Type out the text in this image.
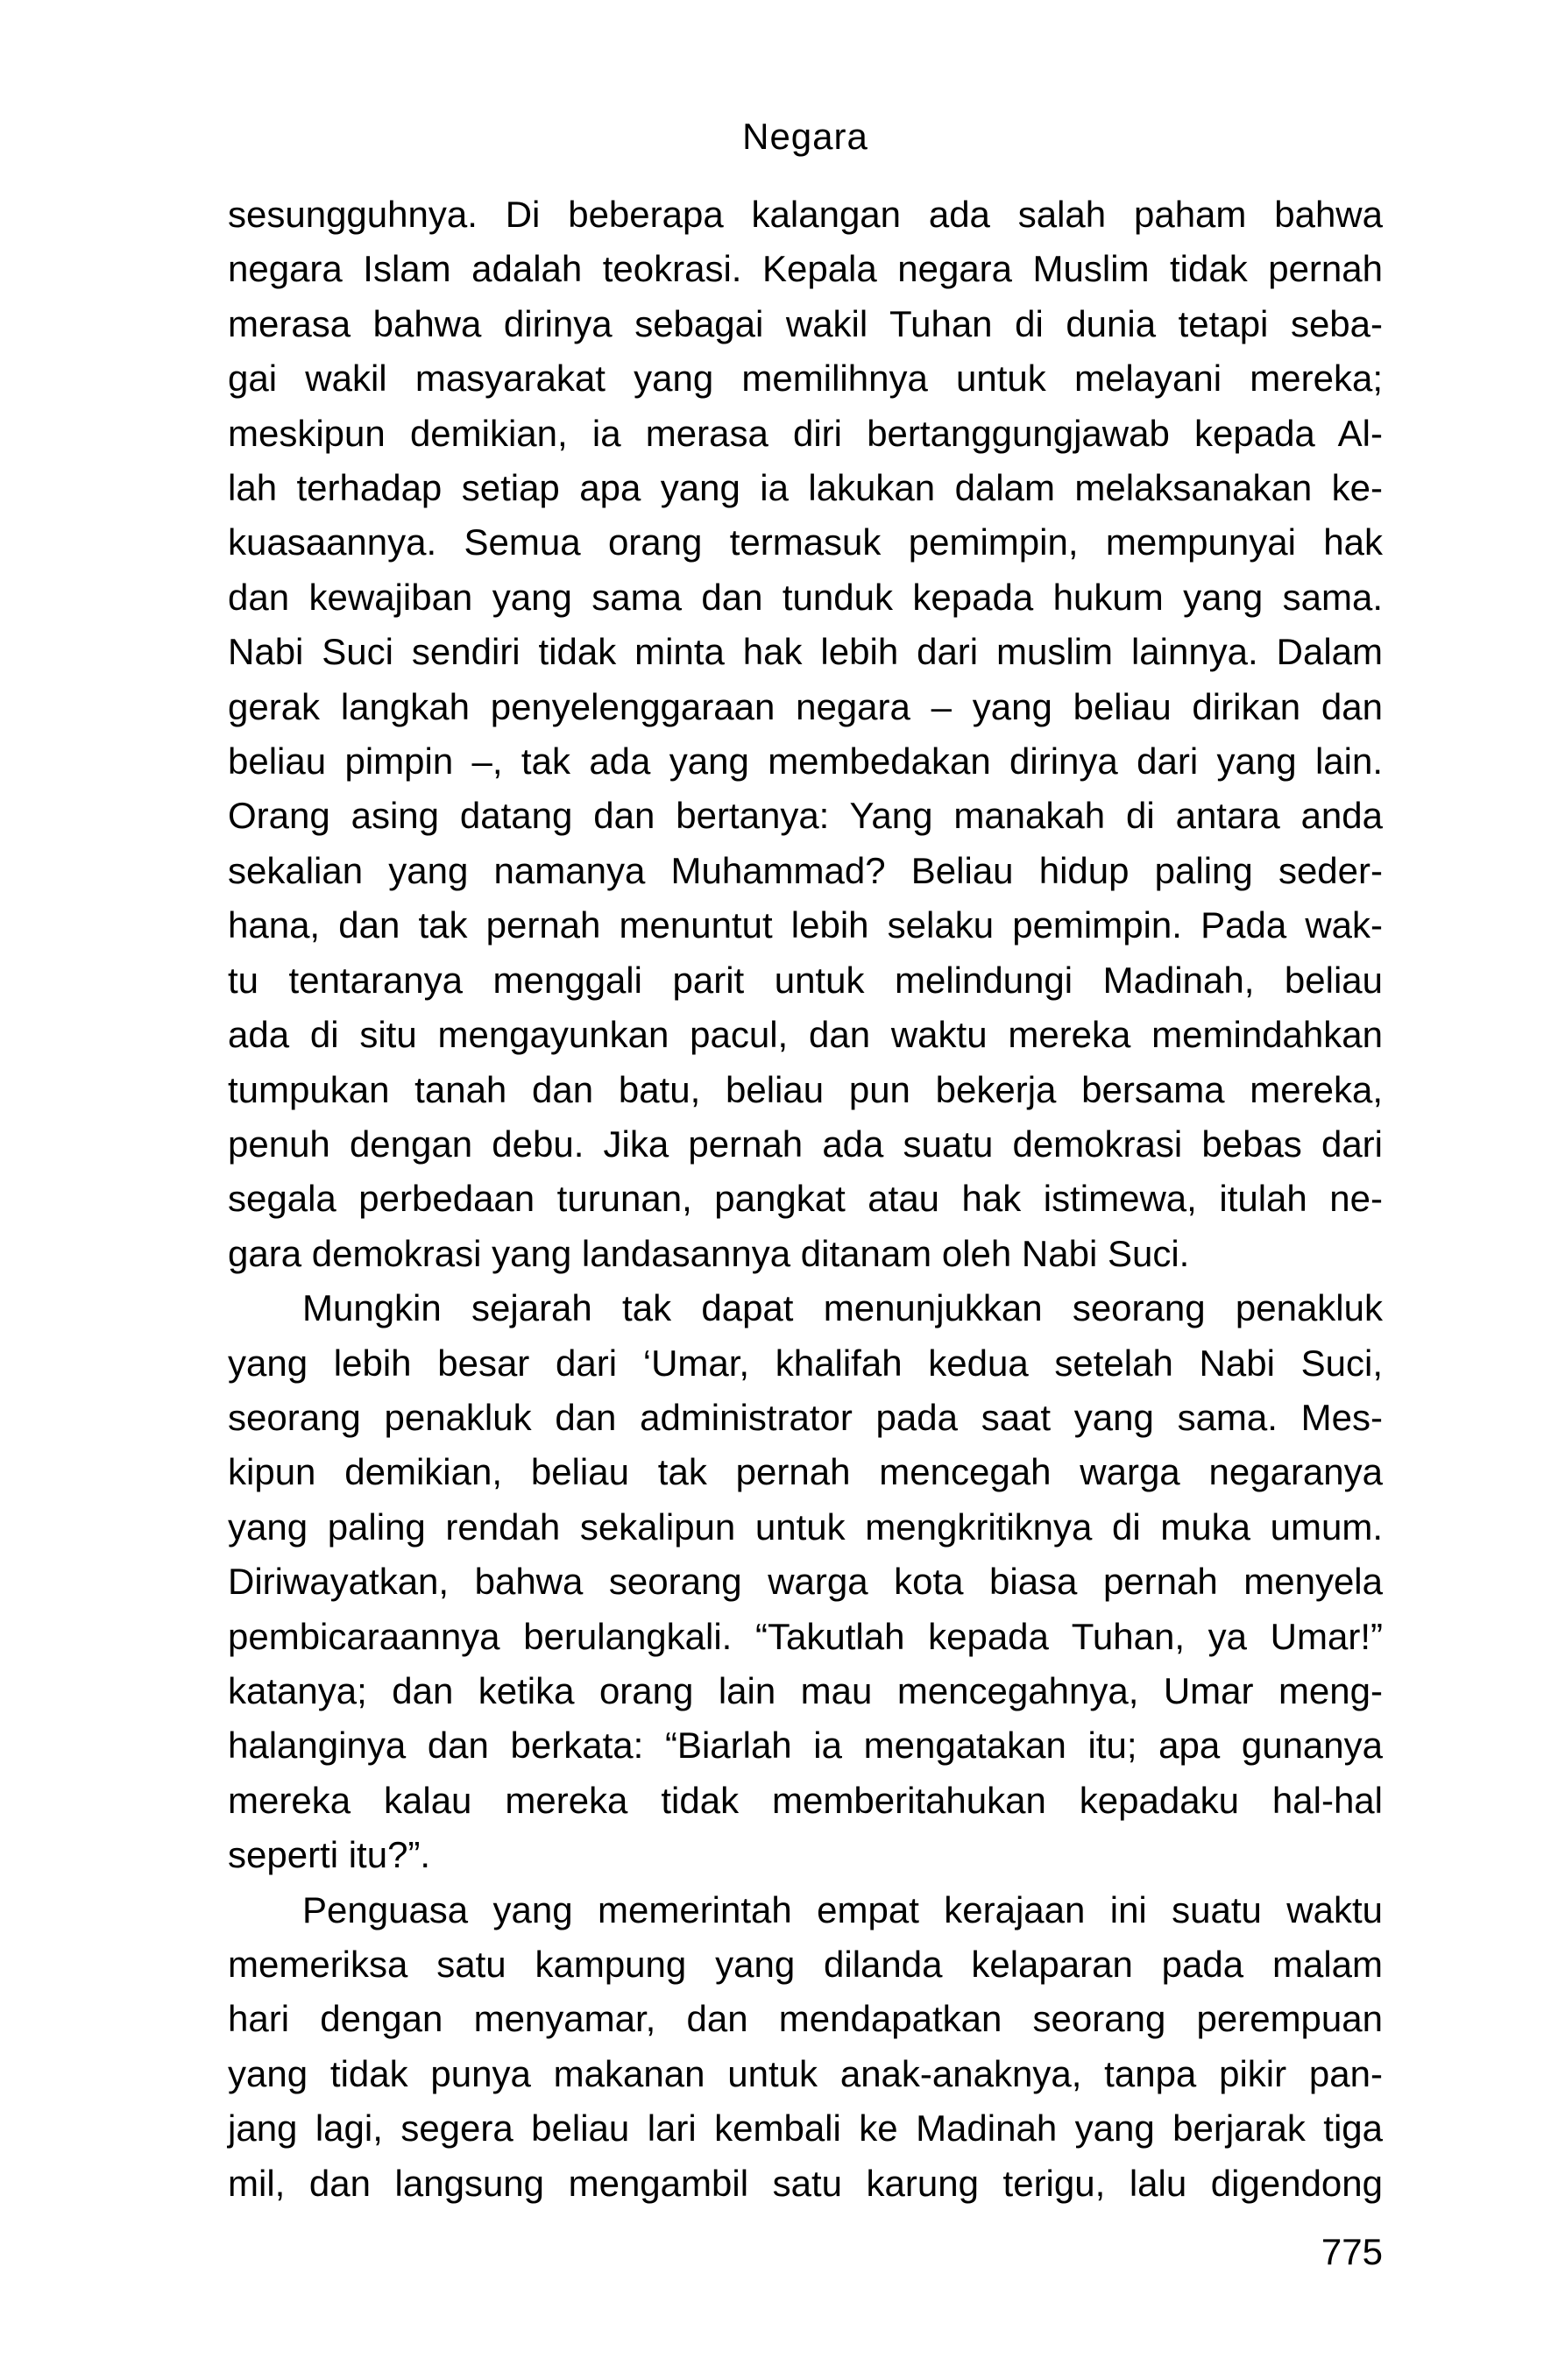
Negara
sesungguhnya. Di beberapa kalangan ada salah paham bahwa
negara Islam adalah teokrasi. Kepala negara Muslim tidak pernah
merasa bahwa dirinya sebagai wakil Tuhan di dunia tetapi seba-
gai wakil masyarakat yang memilihnya untuk melayani mereka;
meskipun demikian, ia merasa diri bertanggungjawab kepada Al-
lah terhadap setiap apa yang ia lakukan dalam melaksanakan ke-
kuasaannya. Semua orang termasuk pemimpin, mempunyai hak
dan kewajiban yang sama dan tunduk kepada hukum yang sama.
Nabi Suci sendiri tidak minta hak lebih dari muslim lainnya. Dalam
gerak langkah penyelenggaraan negara – yang beliau dirikan dan
beliau pimpin –, tak ada yang membedakan dirinya dari yang lain.
Orang asing datang dan bertanya: Yang manakah di antara anda
sekalian yang namanya Muhammad? Beliau hidup paling seder-
hana, dan tak pernah menuntut lebih selaku pemimpin. Pada wak-
tu tentaranya menggali parit untuk melindungi Madinah, beliau
ada di situ mengayunkan pacul, dan waktu mereka memindahkan
tumpukan tanah dan batu, beliau pun bekerja bersama mereka,
penuh dengan debu. Jika pernah ada suatu demokrasi bebas dari
segala perbedaan turunan, pangkat atau hak istimewa, itulah ne-
gara demokrasi yang landasannya ditanam oleh Nabi Suci.
Mungkin sejarah tak dapat menunjukkan seorang penakluk
yang lebih besar dari ‘Umar, khalifah kedua setelah Nabi Suci,
seorang penakluk dan administrator pada saat yang sama. Mes-
kipun demikian, beliau tak pernah mencegah warga negaranya
yang paling rendah sekalipun untuk mengkritiknya di muka umum.
Diriwayatkan, bahwa seorang warga kota biasa pernah menyela
pembicaraannya berulangkali. “Takutlah kepada Tuhan, ya Umar!”
katanya; dan ketika orang lain mau mencegahnya, Umar meng-
halanginya dan berkata: “Biarlah ia mengatakan itu; apa gunanya
mereka kalau mereka tidak memberitahukan kepadaku hal-hal
seperti itu?”.
Penguasa yang memerintah empat kerajaan ini suatu waktu
memeriksa satu kampung yang dilanda kelaparan pada malam
hari dengan menyamar, dan mendapatkan seorang perempuan
yang tidak punya makanan untuk anak-anaknya, tanpa pikir pan-
jang lagi, segera beliau lari kembali ke Madinah yang berjarak tiga
mil, dan langsung mengambil satu karung terigu, lalu digendong
775
